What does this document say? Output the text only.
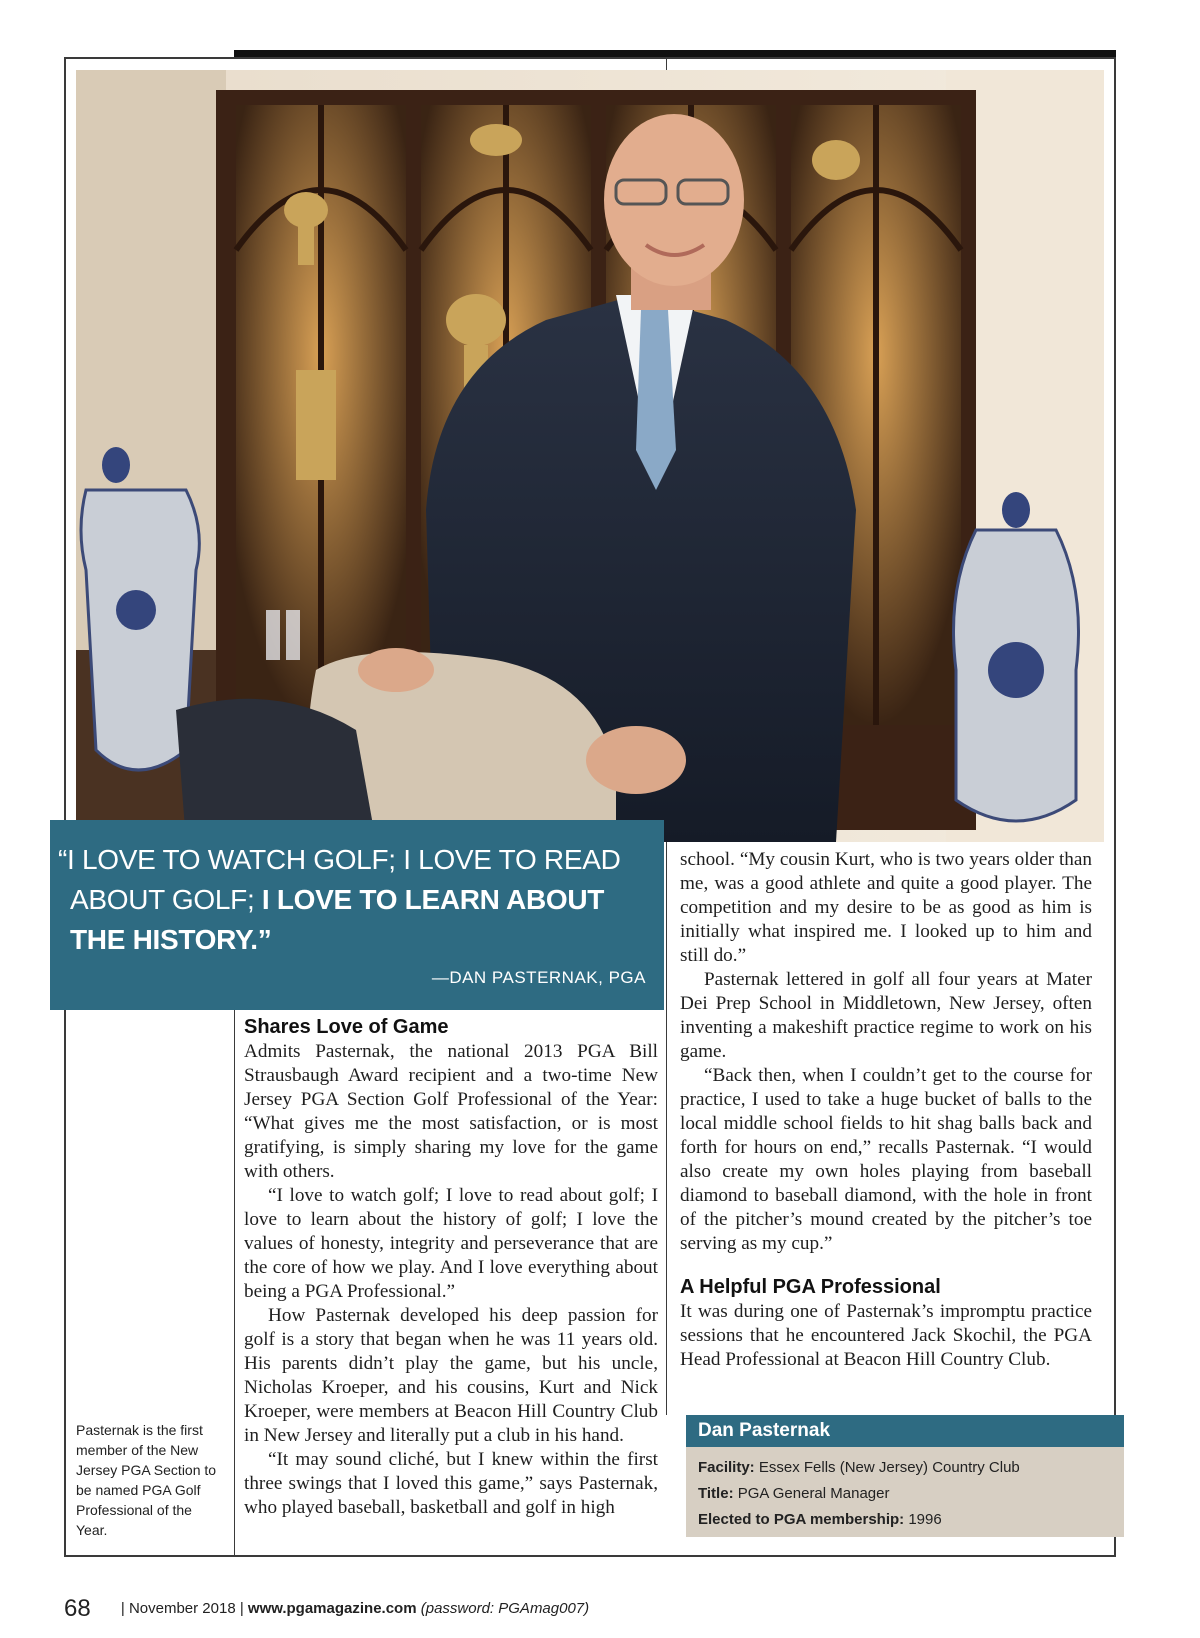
“I LOVE TO WATCH GOLF; I LOVE TO READ
ABOUT GOLF; I LOVE TO LEARN ABOUT
THE HISTORY.”
—DAN PASTERNAK, PGA
Shares Love of Game

Admits Pasternak, the national 2013 PGA Bill Strausbaugh Award recipient and a two-time New Jersey PGA Section Golf Professional of the Year: “What gives me the most satisfaction, or is most gratifying, is simply sharing my love for the game with others.

“I love to watch golf; I love to read about golf; I love to learn about the history of golf; I love the values of honesty, integrity and perseverance that are the core of how we play. And I love everything about being a PGA Professional.”

How Pasternak developed his deep passion for golf is a story that began when he was 11 years old. His parents didn’t play the game, but his uncle, Nicholas Kroeper, and his cousins, Kurt and Nick Kroeper, were members at Beacon Hill Country Club in New Jersey and literally put a club in his hand.

“It may sound cliché, but I knew within the first three swings that I loved this game,” says Pasternak, who played baseball, basketball and golf in high

school. “My cousin Kurt, who is two years older than me, was a good athlete and quite a good player. The competition and my desire to be as good as him is initially what inspired me. I looked up to him and still do.”

Pasternak lettered in golf all four years at Mater Dei Prep School in Middletown, New Jersey, often inventing a makeshift practice regime to work on his game.

“Back then, when I couldn’t get to the course for practice, I used to take a huge bucket of balls to the local middle school fields to hit shag balls back and forth for hours on end,” recalls Pasternak. “I would also create my own holes playing from baseball diamond to baseball diamond, with the hole in front of the pitcher’s mound created by the pitcher’s toe serving as my cup.”

A Helpful PGA Professional

It was during one of Pasternak’s impromptu practice sessions that he encountered Jack Skochil, the PGA Head Professional at Beacon Hill Country Club.

Pasternak is the first member of the New Jersey PGA Section to be named PGA Golf Professional of the Year.
Dan Pasternak
Facility: Essex Fells (New Jersey) Country Club
Title: PGA General Manager
Elected to PGA membership: 1996
68 | November 2018 | www.pgamagazine.com (password: PGAmag007)
